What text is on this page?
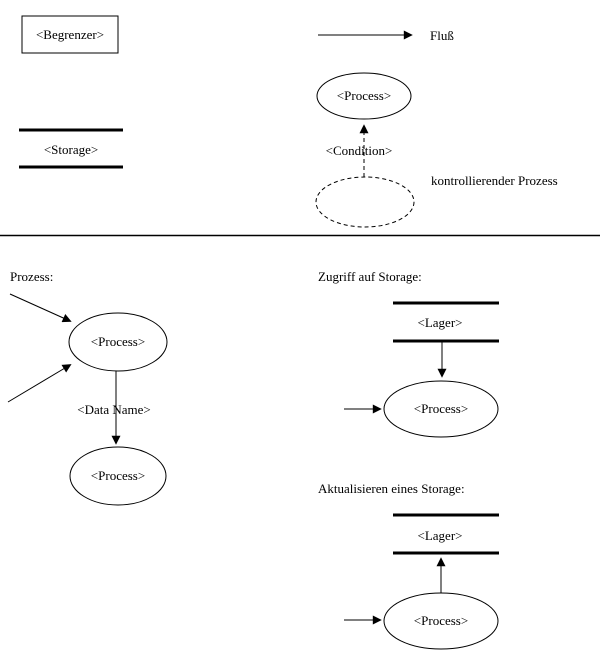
<Begrenzer>	Fluß
<Storage>	<Condition>
<Process>
kontrollierender Prozess
Prozess:
<Data Name>
<Process>
<Process>
Zugriff auf Storage:
<Lager>
<Process>
Aktualisieren eines Storage:
<Lager>
<Process>
